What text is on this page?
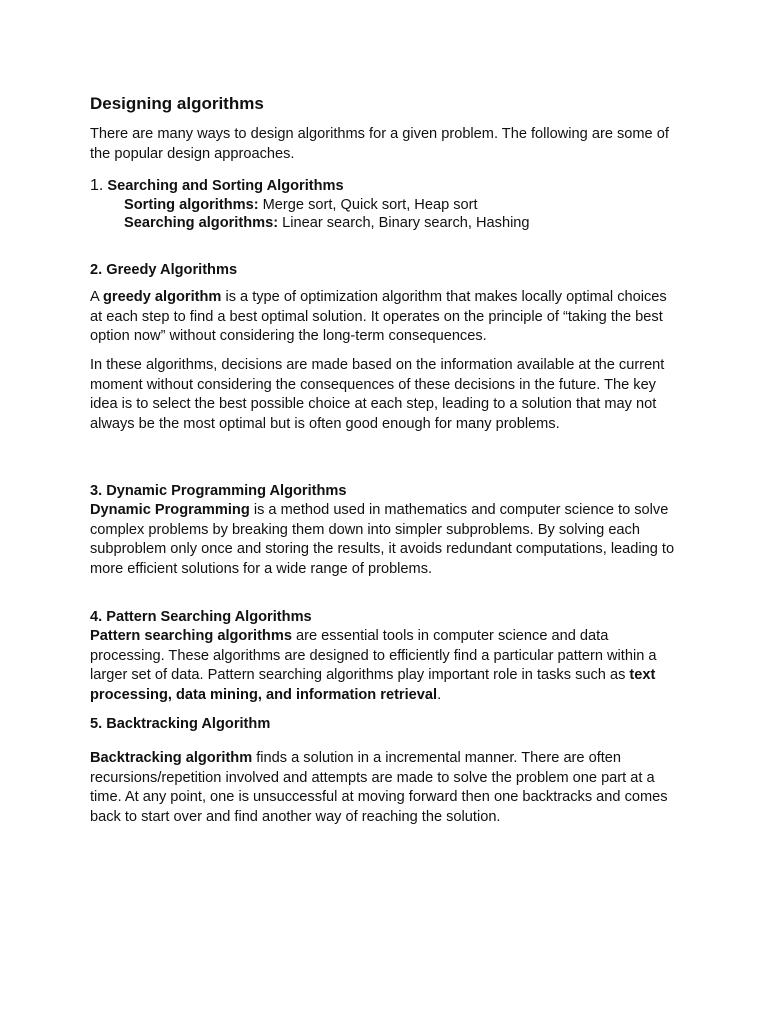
Designing algorithms

There are many ways to design algorithms for a given problem. The following are some of the popular design approaches.

1. Searching and Sorting Algorithms

Sorting algorithms: Merge sort, Quick sort, Heap sort

Searching algorithms: Linear search, Binary search, Hashing

2. Greedy Algorithms

A greedy algorithm is a type of optimization algorithm that makes locally optimal choices at each step to find a best optimal solution. It operates on the principle of “taking the best option now” without considering the long-term consequences.

In these algorithms, decisions are made based on the information available at the current moment without considering the consequences of these decisions in the future. The key idea is to select the best possible choice at each step, leading to a solution that may not always be the most optimal but is often good enough for many problems.

3. Dynamic Programming Algorithms

Dynamic Programming is a method used in mathematics and computer science to solve complex problems by breaking them down into simpler subproblems. By solving each subproblem only once and storing the results, it avoids redundant computations, leading to more efficient solutions for a wide range of problems.

4. Pattern Searching Algorithms

Pattern searching algorithms are essential tools in computer science and data processing. These algorithms are designed to efficiently find a particular pattern within a larger set of data. Pattern searching algorithms play important role in tasks such as text processing, data mining, and information retrieval.

5. Backtracking Algorithm

Backtracking algorithm finds a solution in a incremental manner. There are often recursions/repetition involved and attempts are made to solve the problem one part at a time. At any point, one is unsuccessful at moving forward then one backtracks and comes back to start over and find another way of reaching the solution.
